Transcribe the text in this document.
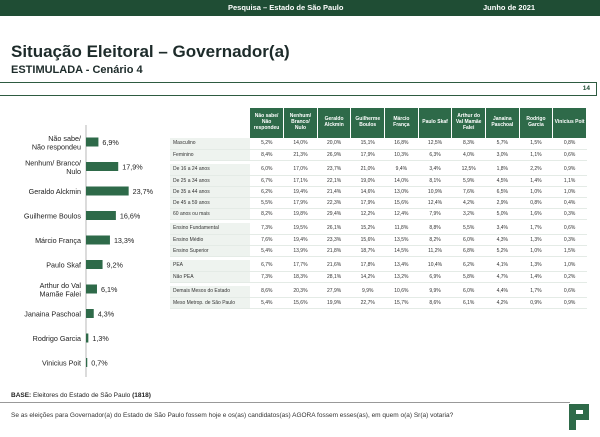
Pesquisa – Estado de São Paulo	Junho de 2021
Situação Eleitoral – Governador(a)
ESTIMULADA - Cenário 4
14
Não sabe/
Não respondeu	6,9%
Nenhum/ Branco/
Nulo	17,9%
Geraldo Alckmin	23,7%
Guilherme Boulos	16,6%
Márcio França	13,3%
Paulo Skaf	9,2%
Arthur do Val
Mamãe Falei	6,1%
Janaina Paschoal 4,3%
Rodrigo Garcia 1,3%
Vinicius Poit 0,7%
	Não sabe/ Não respondeu	Nenhum/ Branco/ Nulo	Geraldo Alckmin	Guilherme Boulos	Márcio França	Paulo Skaf	Arthur do Val Mamãe Falei	Janaina Paschoal	Rodrigo Garcia	Vinicius Poit
Masculino	5,2%	14,0%	20,0%	15,1%	16,8%	12,5%	8,3%	5,7%	1,5%	0,8%
Feminino	8,4%	21,3%	26,9%	17,9%	10,3%	6,3%	4,0%	3,0%	1,1%	0,6%

De 16 a 24 anos	6,0%	17,0%	23,7%	21,0%	9,4%	3,4%	12,5%	1,8%	2,2%	0,9%
De 25 a 34 anos	6,7%	17,1%	22,1%	19,0%	14,0%	8,1%	5,9%	4,5%	1,4%	1,1%
De 35 a 44 anos	6,2%	19,4%	21,4%	14,6%	13,0%	10,9%	7,6%	6,5%	1,0%	1,0%
De 45 a 59 anos	5,5%	17,9%	22,3%	17,9%	15,6%	12,4%	4,2%	2,9%	0,8%	0,4%
60 anos ou mais	8,2%	19,8%	29,4%	12,2%	12,4%	7,9%	3,2%	5,0%	1,6%	0,3%

Ensino Fundamental	7,3%	19,5%	26,1%	15,2%	11,8%	8,8%	5,5%	3,4%	1,7%	0,6%
Ensino Médio	7,6%	19,4%	23,3%	15,6%	13,5%	8,2%	6,0%	4,3%	1,3%	0,3%
Ensino Superior	5,4%	13,9%	21,8%	18,7%	14,5%	11,2%	6,8%	5,2%	1,0%	1,5%

PEA	6,7%	17,7%	21,6%	17,8%	13,4%	10,4%	6,2%	4,1%	1,3%	1,0%
Não PEA	7,3%	18,3%	28,1%	14,2%	13,2%	6,9%	5,8%	4,7%	1,4%	0,2%

Demais Mesos do Estado	8,6%	20,3%	27,9%	9,9%	10,6%	9,9%	6,0%	4,4%	1,7%	0,6%
Meso Metrop. de São Paulo	5,4%	15,6%	19,9%	22,7%	15,7%	8,6%	6,1%	4,2%	0,9%	0,9%
BASE: Eleitores do Estado de São Paulo (1818)
Se as eleições para Governador(a) do Estado de São Paulo fossem hoje e os(as) candidatos(as) AGORA fossem esses(as), em quem o(a) Sr(a) votaria?
